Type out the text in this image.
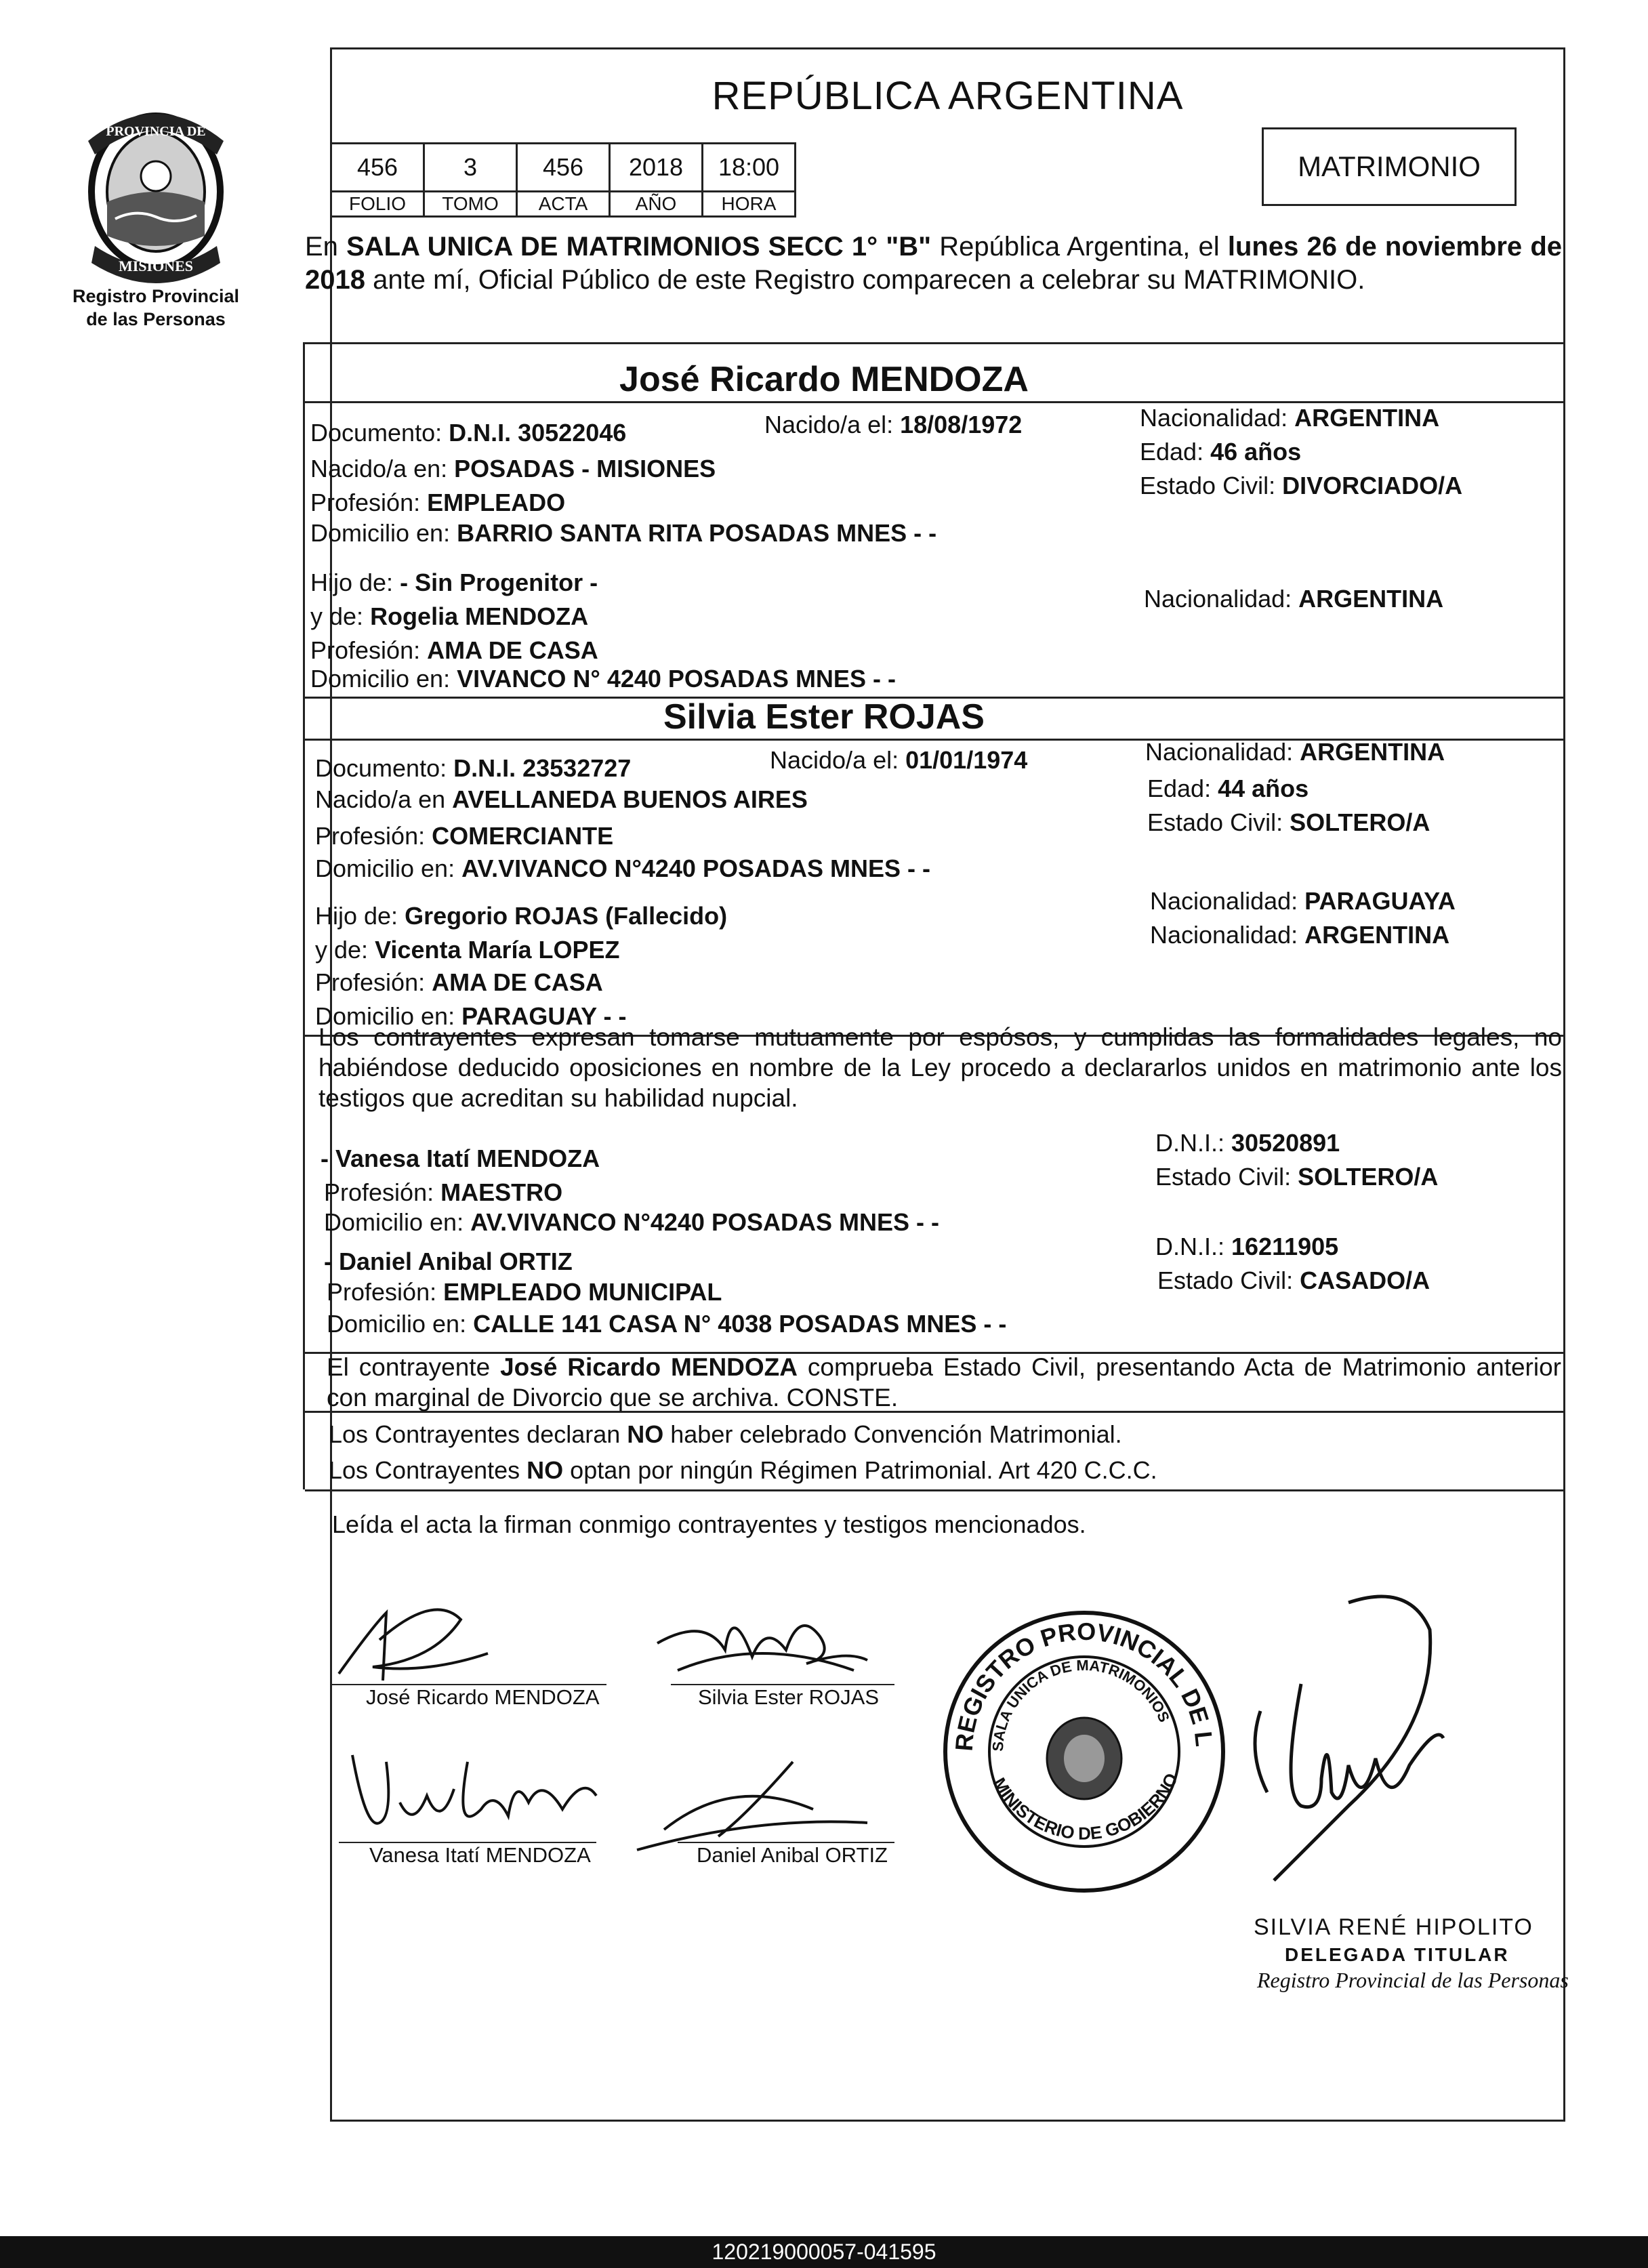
PROVINCIA DE
MISIONES
Registro Provincial
de las Personas
REPÚBLICA ARGENTINA
456	3	456	2018	18:00
FOLIO	TOMO	ACTA	AÑO	HORA
MATRIMONIO
En SALA UNICA DE MATRIMONIOS SECC 1° "B" República Argentina, el lunes 26 de noviembre de 2018 ante mí, Oficial Público de este Registro comparecen a celebrar su MATRIMONIO.
José Ricardo MENDOZA
Documento: D.N.I. 30522046	Nacido/a el: 18/08/1972	Nacionalidad: ARGENTINA
Nacido/a en: POSADAS - MISIONES
Edad: 46 años
Profesión: EMPLEADO
Estado Civil: DIVORCIADO/A
Domicilio en: BARRIO SANTA RITA POSADAS MNES - -
Hijo de: - Sin Progenitor -
Nacionalidad: ARGENTINA
y de: Rogelia MENDOZA
Profesión: AMA DE CASA
Domicilio en: VIVANCO N° 4240 POSADAS MNES - -
Silvia Ester ROJAS
Documento: D.N.I. 23532727	Nacido/a el: 01/01/1974	Nacionalidad: ARGENTINA
Nacido/a en AVELLANEDA BUENOS AIRES	Edad: 44 años
Profesión: COMERCIANTE	Estado Civil: SOLTERO/A
Domicilio en: AV.VIVANCO N°4240 POSADAS MNES - -
Hijo de: Gregorio ROJAS (Fallecido)
Nacionalidad: PARAGUAYA
y de: Vicenta María LOPEZ
Nacionalidad: ARGENTINA
Profesión: AMA DE CASA
Domicilio en: PARAGUAY - -
Los contrayentes expresan tomarse mutuamente por espósos, y cumplidas las formalidades legales, no habiéndose deducido oposiciones en nombre de la Ley procedo a declararlos unidos en matrimonio ante los testigos que acreditan su habilidad nupcial.
- Vanesa Itatí MENDOZA
D.N.I.: 30520891
Profesión: MAESTRO
Estado Civil: SOLTERO/A
Domicilio en: AV.VIVANCO N°4240 POSADAS MNES - -
- Daniel Anibal ORTIZ
D.N.I.: 16211905
Profesión: EMPLEADO MUNICIPAL	Estado Civil: CASADO/A
Domicilio en: CALLE 141 CASA N° 4038 POSADAS MNES - -
El contrayente José Ricardo MENDOZA comprueba Estado Civil, presentando Acta de Matrimonio anterior con marginal de Divorcio que se archiva. CONSTE.
Los Contrayentes declaran NO haber celebrado Convención Matrimonial.
Los Contrayentes NO optan por ningún Régimen Patrimonial. Art 420 C.C.C.
Leída el acta la firman conmigo contrayentes y testigos mencionados.
José Ricardo MENDOZA	Silvia Ester ROJAS
Vanesa Itatí MENDOZA	Daniel Anibal ORTIZ
REGISTRO PROVINCIAL DE LAS PERSONAS
SALA UNICA DE MATRIMONIOS
MINISTERIO DE GOBIERNO
SILVIA RENÉ HIPOLITO
DELEGADA TITULAR
Registro Provincial de las Personas
120219000057-041595
